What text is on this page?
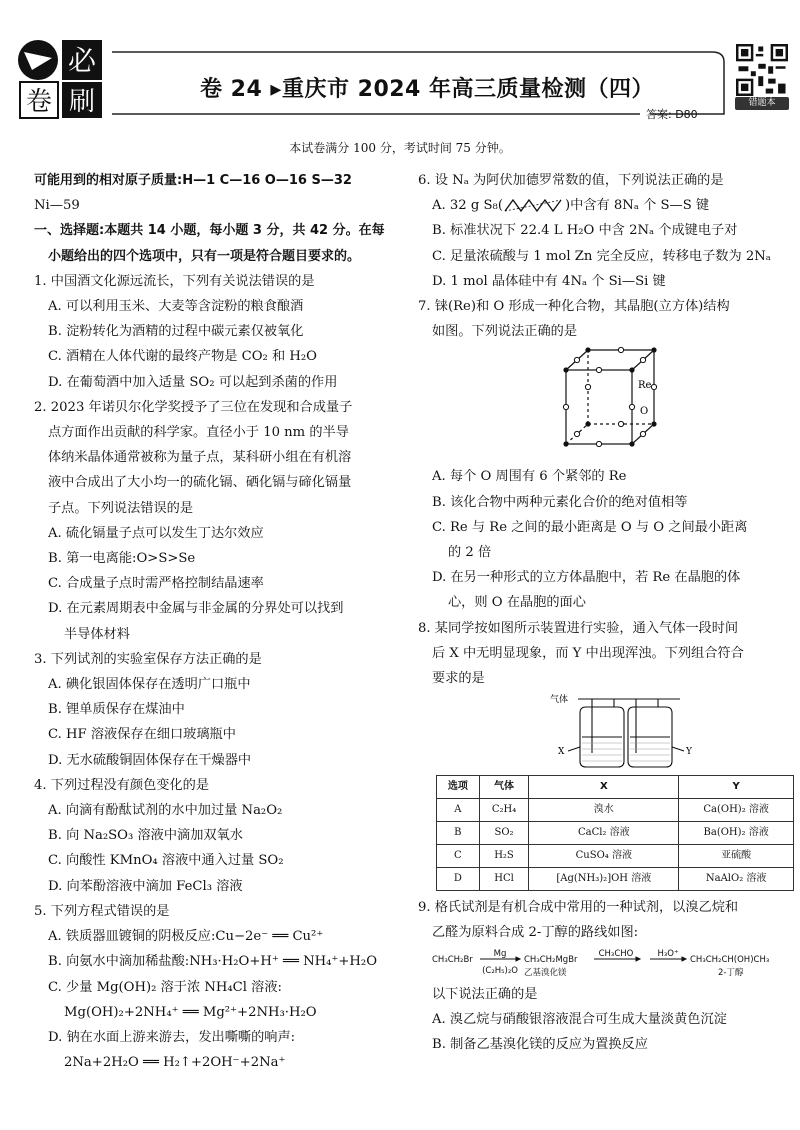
必
卷 刷	卷 24 ▸重庆市 2024 年高三质量检测（四）
错题本
答案: D80
本试卷满分 100 分，考试时间 75 分钟。
可能用到的相对原子质量:H—1 C—16 O—16 S—32
Ni—59
一、选择题:本题共 14 小题，每小题 3 分，共 42 分。在每
小题给出的四个选项中，只有一项是符合题目要求的。
1. 中国酒文化源远流长，下列有关说法错误的是
A. 可以利用玉米、大麦等含淀粉的粮食酿酒
B. 淀粉转化为酒精的过程中碳元素仅被氧化
C. 酒精在人体代谢的最终产物是 CO₂ 和 H₂O
D. 在葡萄酒中加入适量 SO₂ 可以起到杀菌的作用
2. 2023 年诺贝尔化学奖授予了三位在发现和合成量子
点方面作出贡献的科学家。直径小于 10 nm 的半导
体纳米晶体通常被称为量子点，某科研小组在有机溶
液中合成出了大小均一的硫化镉、硒化镉与碲化镉量
子点。下列说法错误的是
A. 硫化镉量子点可以发生丁达尔效应
B. 第一电离能:O>S>Se
C. 合成量子点时需严格控制结晶速率
D. 在元素周期表中金属与非金属的分界处可以找到
半导体材料
3. 下列试剂的实验室保存方法正确的是
A. 碘化银固体保存在透明广口瓶中
B. 锂单质保存在煤油中
C. HF 溶液保存在细口玻璃瓶中
D. 无水硫酸铜固体保存在干燥器中
4. 下列过程没有颜色变化的是
A. 向滴有酚酞试剂的水中加过量 Na₂O₂
B. 向 Na₂SO₃ 溶液中滴加双氧水
C. 向酸性 KMnO₄ 溶液中通入过量 SO₂
D. 向苯酚溶液中滴加 FeCl₃ 溶液
5. 下列方程式错误的是
A. 铁质器皿镀铜的阴极反应:Cu−2e⁻ ══ Cu²⁺
B. 向氨水中滴加稀盐酸:NH₃·H₂O+H⁺ ══ NH₄⁺+H₂O
C. 少量 Mg(OH)₂ 溶于浓 NH₄Cl 溶液:
Mg(OH)₂+2NH₄⁺ ══ Mg²⁺+2NH₃·H₂O
D. 钠在水面上游来游去，发出嘶嘶的响声:
2Na+2H₂O ══ H₂↑+2OH⁻+2Na⁺
6. 设 Nₐ 为阿伏加德罗常数的值，下列说法正确的是
A. 32 g S₈(	)中含有 8Nₐ 个 S—S 键
B. 标准状况下 22.4 L H₂O 中含 2Nₐ 个成键电子对
C. 足量浓硫酸与 1 mol Zn 完全反应，转移电子数为 2Nₐ
D. 1 mol 晶体硅中有 4Nₐ 个 Si—Si 键
7. 铼(Re)和 O 形成一种化合物，其晶胞(立方体)结构
如图。下列说法正确的是
Re
O
A. 每个 O 周围有 6 个紧邻的 Re
B. 该化合物中两种元素化合价的绝对值相等
C. Re 与 Re 之间的最小距离是 O 与 O 之间最小距离
的 2 倍
D. 在另一种形式的立方体晶胞中，若 Re 在晶胞的体
心，则 O 在晶胞的面心
8. 某同学按如图所示装置进行实验，通入气体一段时间
后 X 中无明显现象，而 Y 中出现浑浊。下列组合符合
要求的是
气体
X	Y
选项	气体	X	Y
A	C₂H₄	溴水	Ca(OH)₂ 溶液
B	SO₂	CaCl₂ 溶液	Ba(OH)₂ 溶液
C	H₂S	CuSO₄ 溶液	亚硫酸
D	HCl	[Ag(NH₃)₂]OH 溶液	NaAlO₂ 溶液
9. 格氏试剂是有机合成中常用的一种试剂，以溴乙烷和
乙醛为原料合成 2-丁醇的路线如图:
CH₃CH₂Br
Mg
(C₂H₅)₂O
CH₃CH₂MgBr
乙基溴化镁
CH₃CHO	H₃O⁺
CH₃CH₂CH(OH)CH₃
2-丁醇
以下说法正确的是
A. 溴乙烷与硝酸银溶液混合可生成大量淡黄色沉淀
B. 制备乙基溴化镁的反应为置换反应
